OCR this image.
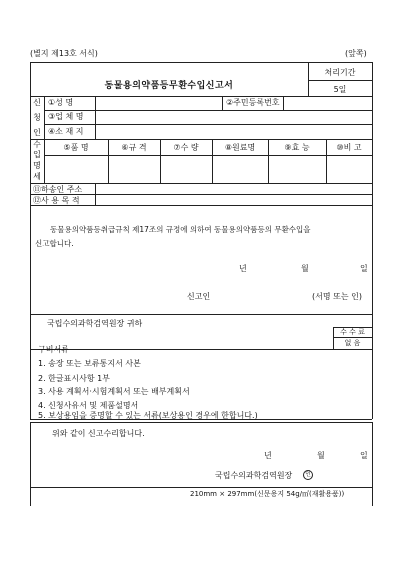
(별지 제13호 서식)	(앞쪽)
동물용의약품등무환수입신고서
처리기간
5일
신
청
인
①성 명	②주민등록번호
③업 체 명
④소 재 지
수
입
명
세
⑤품 명	⑥규 격	⑦수 량	⑧원료명	⑨효 능	⑩비 고
⑪하송인 주소
⑫사 용 목 적
동물용의약품등취급규칙 제17조의 규정에 의하여 동물용의약품등의 무환수입을
신고합니다.
년	월	일
신고인	(서명 또는 인)
국립수의과학검역원장 귀하
수 수 료
없 음
구비서류
1. 송장 또는 보류통지서 사본
2. 한글표시사항 1부
3. 사용 계획서·시험계획서 또는 배부계획서
4. 신청사유서 및 제품설명서
5. 보상용임을 증명할 수 있는 서류(보상용인 경우에 한합니다.)
위와 같이 신고수리합니다.
년	월	일
국립수의과학검역원장	인
210mm × 297mm(신문용지 54g/㎡(재활용품))
